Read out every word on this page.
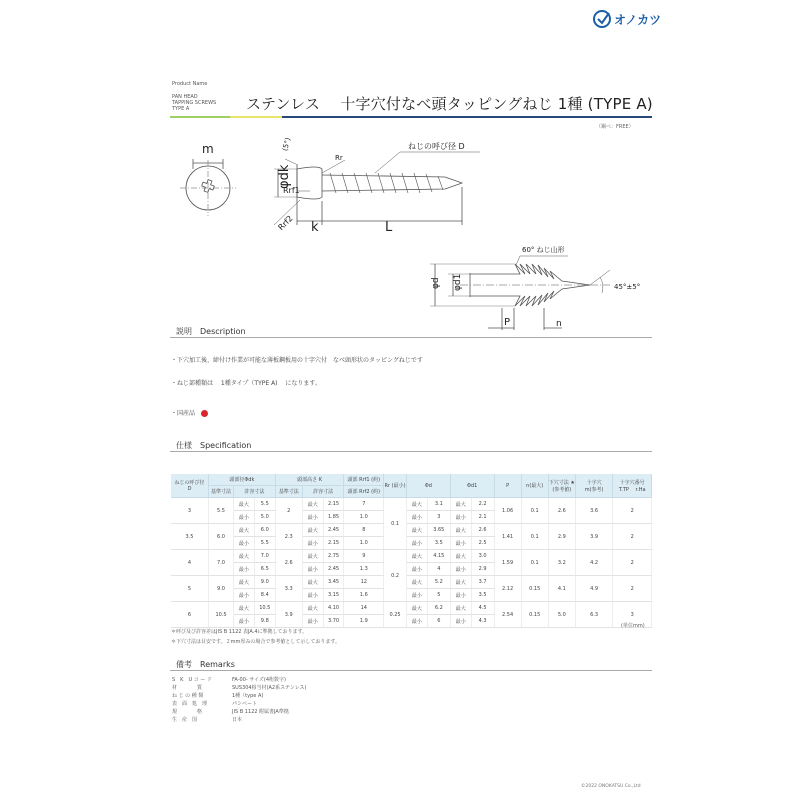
オノカツ
Product Name
PAN HEAD
TAPPING SCREWS
TYPE A	ステンレス　 十字穴付なべ頭タッピングねじ 1種 (TYPE A)
（鋼ペ：FREE）
m	(5°)
φdk
Rr
Rrf1
Rrf2 k	L
ねじの呼び径 D
60° ねじ山形
φd φd1	45°±5°
P	n
説明　Description
・下穴加工後、締付け作業が可能な薄板鋼板用の十字穴付　なべ頭形状のタッピングねじです
・ねじ部種類は　 1種タイプ（TYPE A)　 になります。
・国産品
仕様　Specification
ねじの呼び径
D	頭部径Φdk			頭部高さ K			頭部 Rrf1 (約)	Rr (最小)	Φd		Φd1		P	n(最大)	下穴寸法 ★
(参考値)	十字穴
m(参考)	十字穴番号
T.TP　 r.Ha
	基準寸法	許容寸法		基準寸法	許容寸法		頭部 Rrf2 (約)										
3	5.5	最大	5.5	2	最大	2.15	7	0.1	最大	3.1	最大	2.2	1.06	0.1	2.6	3.6	2
		最小	5.0		最小	1.85	1.0		最小	3	最小	2.1					
3.5	6.0	最大	6.0	2.3	最大	2.45	8		最大	3.65	最大	2.6	1.41	0.1	2.9	3.9	2
		最小	5.5		最小	2.15	1.0		最小	3.5	最小	2.5					
4	7.0	最大	7.0	2.6	最大	2.75	9	0.2	最大	4.15	最大	3.0	1.59	0.1	3.2	4.2	2
		最小	6.5		最小	2.45	1.3		最小	4	最小	2.9					
5	9.0	最大	9.0	3.3	最大	3.45	12		最大	5.2	最大	3.7	2.12	0.15	4.1	4.9	2
		最小	8.4		最小	3.15	1.6		最小	5	最小	3.5					
6	10.5	最大	10.5	3.9	最大	4.10	14	0.25	最大	6.2	最大	4.5	2.54	0.15	5.0	6.3	3
		最小	9.8		最小	3.70	1.9		最小	6	最小	4.3					
(単位mm)
＊呼び及び許容差はJIS B 1122 表JA.4に準拠しております。
＊下穴寸法は目安です。２mm厚みの場合で参考値として示しております。
備考　Remarks
S　K　U コ ー ド	FA-00- サイズ(4桁数字)
材　　　　質	SUS304相当材(A2系ステンレス)
ね じ の 種 類	1種（type A)
表　面　処　理	パシベート
規　　　　格	JIS B 1122 附属書JA準拠
生　産　国	日本
©2022 ONOKATSU Co.,Ltd
